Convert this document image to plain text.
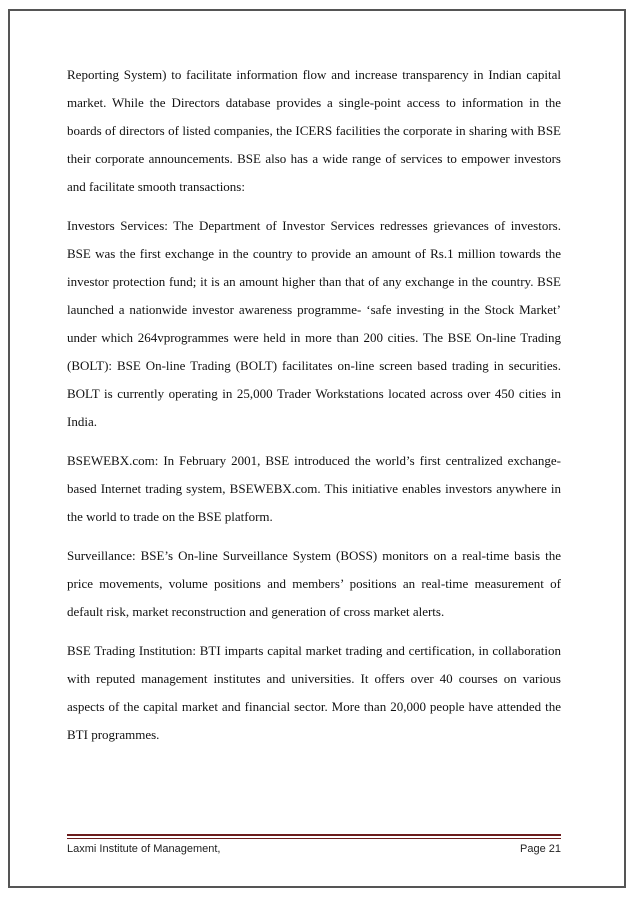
Reporting System) to facilitate information flow and increase transparency in Indian capital market. While the Directors database provides a single-point access to information in the boards of directors of listed companies, the ICERS facilities the corporate in sharing with BSE their corporate announcements. BSE also has a wide range of services to empower investors and facilitate smooth transactions:

Investors Services: The Department of Investor Services redresses grievances of investors. BSE was the first exchange in the country to provide an amount of Rs.1 million towards the investor protection fund; it is an amount higher than that of any exchange in the country. BSE launched a nationwide investor awareness programme- ‘safe investing in the Stock Market’ under which 264vprogrammes were held in more than 200 cities. The BSE On-line Trading (BOLT): BSE On-line Trading (BOLT) facilitates on-line screen based trading in securities. BOLT is currently operating in 25,000 Trader Workstations located across over 450 cities in India.

BSEWEBX.com: In February 2001, BSE introduced the world’s first centralized exchange-based Internet trading system, BSEWEBX.com. This initiative enables investors anywhere in the world to trade on the BSE platform.

Surveillance: BSE’s On-line Surveillance System (BOSS) monitors on a real-time basis the price movements, volume positions and members’ positions an real-time measurement of default risk, market reconstruction and generation of cross market alerts.

BSE Trading Institution: BTI imparts capital market trading and certification, in collaboration with reputed management institutes and universities. It offers over 40 courses on various aspects of the capital market and financial sector. More than 20,000 people have attended the BTI programmes.

Laxmi Institute of Management,	Page 21
